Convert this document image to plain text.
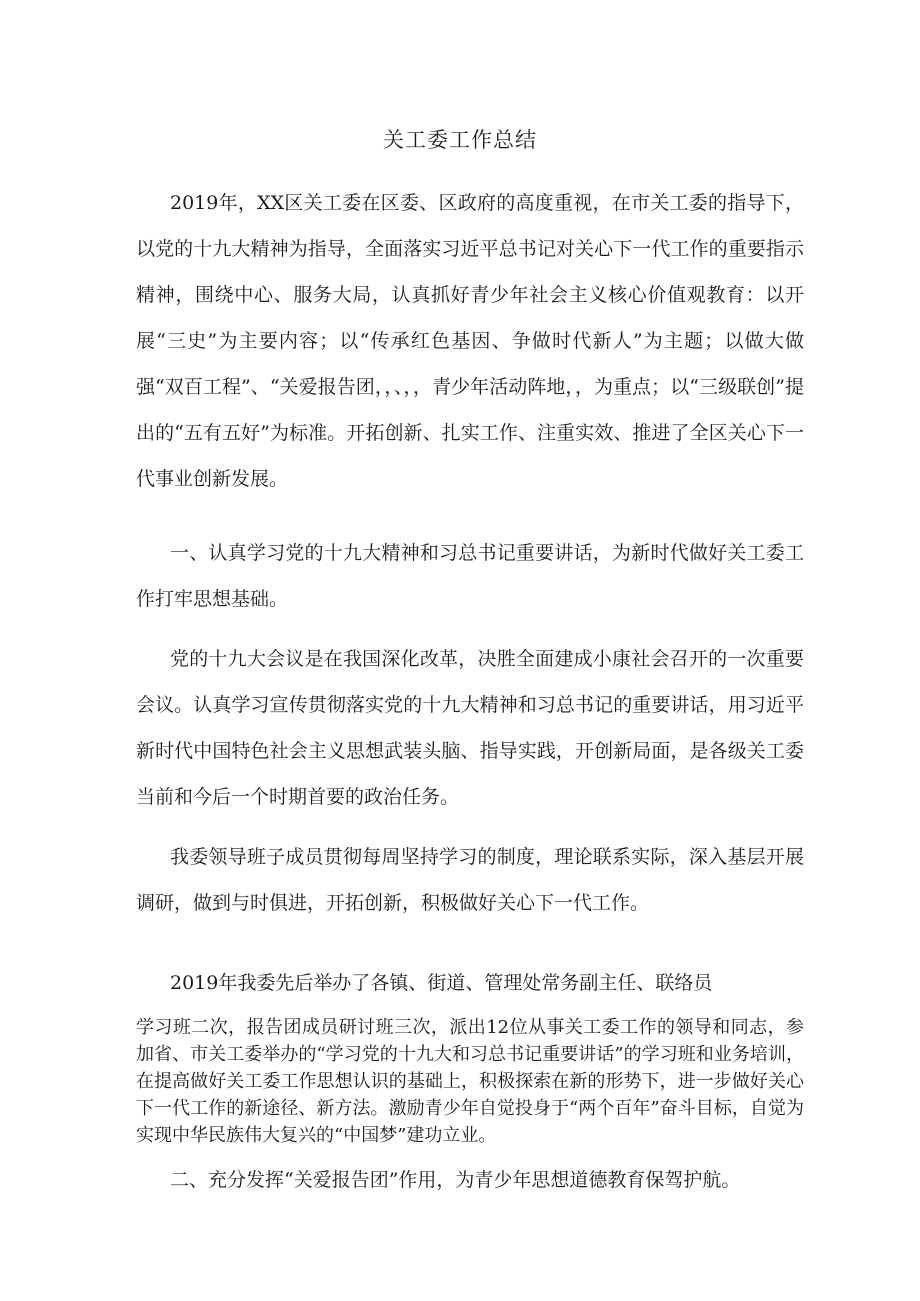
关工委工作总结

2019年，XX区关工委在区委、区政府的高度重视，在市关工委的指导下，以党的十九大精神为指导，全面落实习近平总书记对关心下一代工作的重要指示精神，围绕中心、服务大局，认真抓好青少年社会主义核心价值观教育：以开展“三史”为主要内容；以“传承红色基因、争做时代新人”为主题；以做大做强“双百工程”、“关爱报告团，，、，，青少年活动阵地，，为重点；以“三级联创”提出的“五有五好”为标准。开拓创新、扎实工作、注重实效、推进了全区关心下一代事业创新发展。

一、认真学习党的十九大精神和习总书记重要讲话，为新时代做好关工委工作打牢思想基础。

党的十九大会议是在我国深化改革，决胜全面建成小康社会召开的一次重要会议。认真学习宣传贯彻落实党的十九大精神和习总书记的重要讲话，用习近平新时代中国特色社会主义思想武装头脑、指导实践，开创新局面，是各级关工委当前和今后一个时期首要的政治任务。

我委领导班子成员贯彻每周坚持学习的制度，理论联系实际，深入基层开展调研，做到与时俱进，开拓创新，积极做好关心下一代工作。

2019年我委先后举办了各镇、街道、管理处常务副主任、联络员

学习班二次，报告团成员研讨班三次，派出12位从事关工委工作的领导和同志，参加省、市关工委举办的“学习党的十九大和习总书记重要讲话”的学习班和业务培训，在提高做好关工委工作思想认识的基础上，积极探索在新的形势下，进一步做好关心下一代工作的新途径、新方法。激励青少年自觉投身于“两个百年”奋斗目标，自觉为实现中华民族伟大复兴的“中国梦”建功立业。

二、充分发挥“关爱报告团”作用，为青少年思想道德教育保驾护航。
